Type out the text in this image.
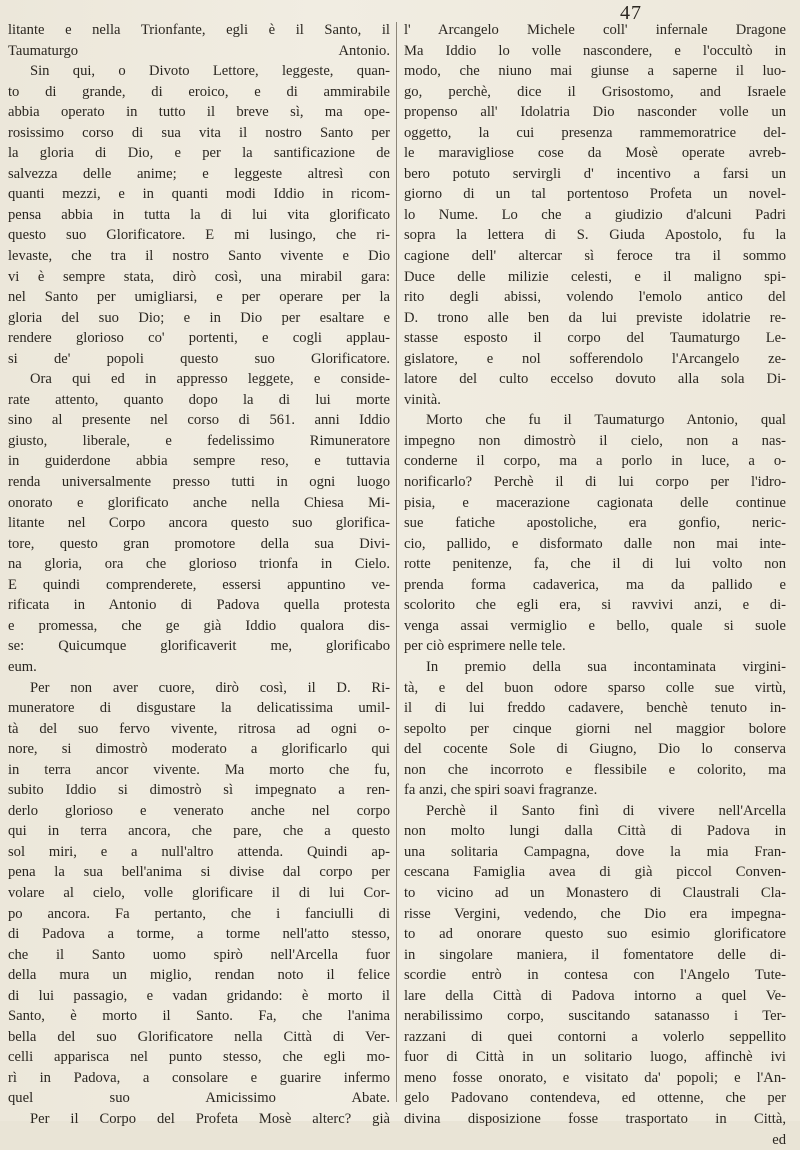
47
litante e nella Trionfante, egli è il Santo, il
Taumaturgo Antonio.
Sin qui, o Divoto Lettore, leggeste, quan-
to di grande, di eroico, e di ammirabile
abbia operato in tutto il breve sì, ma ope-
rosissimo corso di sua vita il nostro Santo per
la gloria di Dio, e per la santificazione de
salvezza delle anime; e leggeste altresì con
quanti mezzi, e in quanti modi Iddio in ricom-
pensa abbia in tutta la di lui vita glorificato
questo suo Glorificatore. E mi lusingo, che ri-
levaste, che tra il nostro Santo vivente e Dio
vi è sempre stata, dirò così, una mirabil gara:
nel Santo per umigliarsi, e per operare per la
gloria del suo Dio; e in Dio per esaltare e
rendere glorioso co' portenti, e cogli applau-
si de' popoli questo suo Glorificatore.
Ora qui ed in appresso leggete, e conside-
rate attento, quanto dopo la di lui morte
sino al presente nel corso di 561. anni Iddio
giusto, liberale, e fedelissimo Rimuneratore
in guiderdone abbia sempre reso, e tuttavia
renda universalmente presso tutti in ogni luogo
onorato e glorificato anche nella Chiesa Mi-
litante nel Corpo ancora questo suo glorifica-
tore, questo gran promotore della sua Divi-
na gloria, ora che glorioso trionfa in Cielo.
E quindi comprenderete, essersi appuntino ve-
rificata in Antonio di Padova quella protesta
e promessa, che ge già Iddio qualora dis-
se: Quicumque glorificaverit me, glorificabo
eum.
Per non aver cuore, dirò così, il D. Ri-
muneratore di disgustare la delicatissima umil-
tà del suo fervo vivente, ritrosa ad ogni o-
nore, si dimostrò moderato a glorificarlo qui
in terra ancor vivente. Ma morto che fu,
subito Iddio si dimostrò sì impegnato a ren-
derlo glorioso e venerato anche nel corpo
qui in terra ancora, che pare, che a questo
sol miri, e a null'altro attenda. Quindi ap-
pena la sua bell'anima si divise dal corpo per
volare al cielo, volle glorificare il di lui Cor-
po ancora. Fa pertanto, che i fanciulli di
di Padova a torme, a torme nell'atto stesso,
che il Santo uomo spirò nell'Arcella fuor
della mura un miglio, rendan noto il felice
di lui passagio, e vadan gridando: è morto il
Santo, è morto il Santo. Fa, che l'anima
bella del suo Glorificatore nella Città di Ver-
celli apparisca nel punto stesso, che egli mo-
rì in Padova, a consolare e guarire infermo
quel suo Amicissimo Abate.
Per il Corpo del Profeta Mosè alterc? già
l' Arcangelo Michele coll' infernale Dragone
Ma Iddio lo volle nascondere, e l'occultò in
modo, che niuno mai giunse a saperne il luo-
go, perchè, dice il Grisostomo, and Israele
propenso all' Idolatria Dio nasconder volle un
oggetto, la cui presenza rammemoratrice del-
le maravigliose cose da Mosè operate avreb-
bero potuto servirgli d' incentivo a farsi un
giorno di un tal portentoso Profeta un novel-
lo Nume. Lo che a giudizio d'alcuni Padri
sopra la lettera di S. Giuda Apostolo, fu la
cagione dell' altercar sì feroce tra il sommo
Duce delle milizie celesti, e il maligno spi-
rito degli abissi, volendo l'emolo antico del
D. trono alle ben da lui previste idolatrie re-
stasse esposto il corpo del Taumaturgo Le-
gislatore, e nol sofferendolo l'Arcangelo ze-
latore del culto eccelso dovuto alla sola Di-
vinità.
Morto che fu il Taumaturgo Antonio, qual
impegno non dimostrò il cielo, non a nas-
conderne il corpo, ma a porlo in luce, a o-
norificarlo? Perchè il di lui corpo per l'idro-
pisia, e macerazione cagionata delle continue
sue fatiche apostoliche, era gonfio, neric-
cio, pallido, e disformato dalle non mai inte-
rotte penitenze, fa, che il di lui volto non
prenda forma cadaverica, ma da pallido e
scolorito che egli era, si ravvivi anzi, e di-
venga assai vermiglio e bello, quale si suole
per ciò esprimere nelle tele.
In premio della sua incontaminata virgini-
tà, e del buon odore sparso colle sue virtù,
il di lui freddo cadavere, benchè tenuto in-
sepolto per cinque giorni nel maggior bolore
del cocente Sole di Giugno, Dio lo conserva
non che incorroto e flessibile e colorito, ma
fa anzi, che spiri soavi fragranze.
Perchè il Santo finì di vivere nell'Arcella
non molto lungi dalla Città di Padova in
una solitaria Campagna, dove la mia Fran-
cescana Famiglia avea di già piccol Conven-
to vicino ad un Monastero di Claustrali Cla-
risse Vergini, vedendo, che Dio era impegna-
to ad onorare questo suo esimio glorificatore
in singolare maniera, il fomentatore delle di-
scordie entrò in contesa con l'Angelo Tute-
lare della Città di Padova intorno a quel Ve-
nerabilissimo corpo, suscitando satanasso i Ter-
razzani di quei contorni a volerlo seppellito
fuor di Città in un solitario luogo, affinchè ivi
meno fosse onorato, e visitato da' popoli; e l'An-
gelo Padovano contendeva, ed ottenne, che per
divina disposizione fosse trasportato in Città,
ed
